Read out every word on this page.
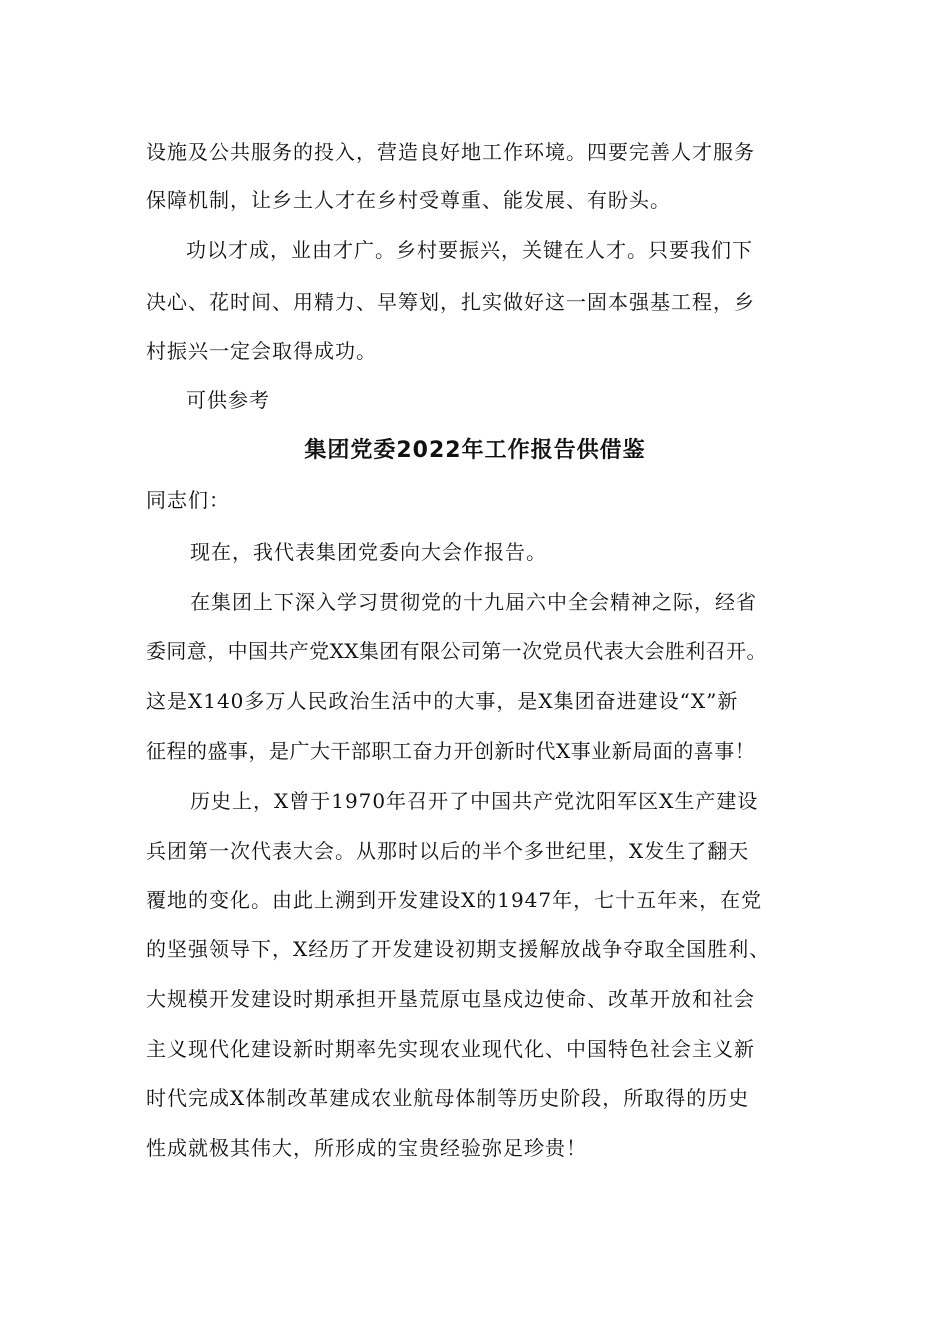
设施及公共服务的投入，营造良好地工作环境。四要完善人才服务

保障机制，让乡土人才在乡村受尊重、能发展、有盼头。

功以才成，业由才广。乡村要振兴，关键在人才。只要我们下

决心、花时间、用精力、早筹划，扎实做好这一固本强基工程，乡

村振兴一定会取得成功。

可供参考

集团党委2022年工作报告供借鉴

同志们：

现在，我代表集团党委向大会作报告。

在集团上下深入学习贯彻党的十九届六中全会精神之际，经省

委同意，中国共产党XX集团有限公司第一次党员代表大会胜利召开。

这是X140多万人民政治生活中的大事，是X集团奋进建设“X”新

征程的盛事，是广大干部职工奋力开创新时代X事业新局面的喜事！

历史上，X曾于1970年召开了中国共产党沈阳军区X生产建设

兵团第一次代表大会。从那时以后的半个多世纪里，X发生了翻天

覆地的变化。由此上溯到开发建设X的1947年，七十五年来，在党

的坚强领导下，X经历了开发建设初期支援解放战争夺取全国胜利、

大规模开发建设时期承担开垦荒原屯垦戍边使命、改革开放和社会

主义现代化建设新时期率先实现农业现代化、中国特色社会主义新

时代完成X体制改革建成农业航母体制等历史阶段，所取得的历史

性成就极其伟大，所形成的宝贵经验弥足珍贵！
